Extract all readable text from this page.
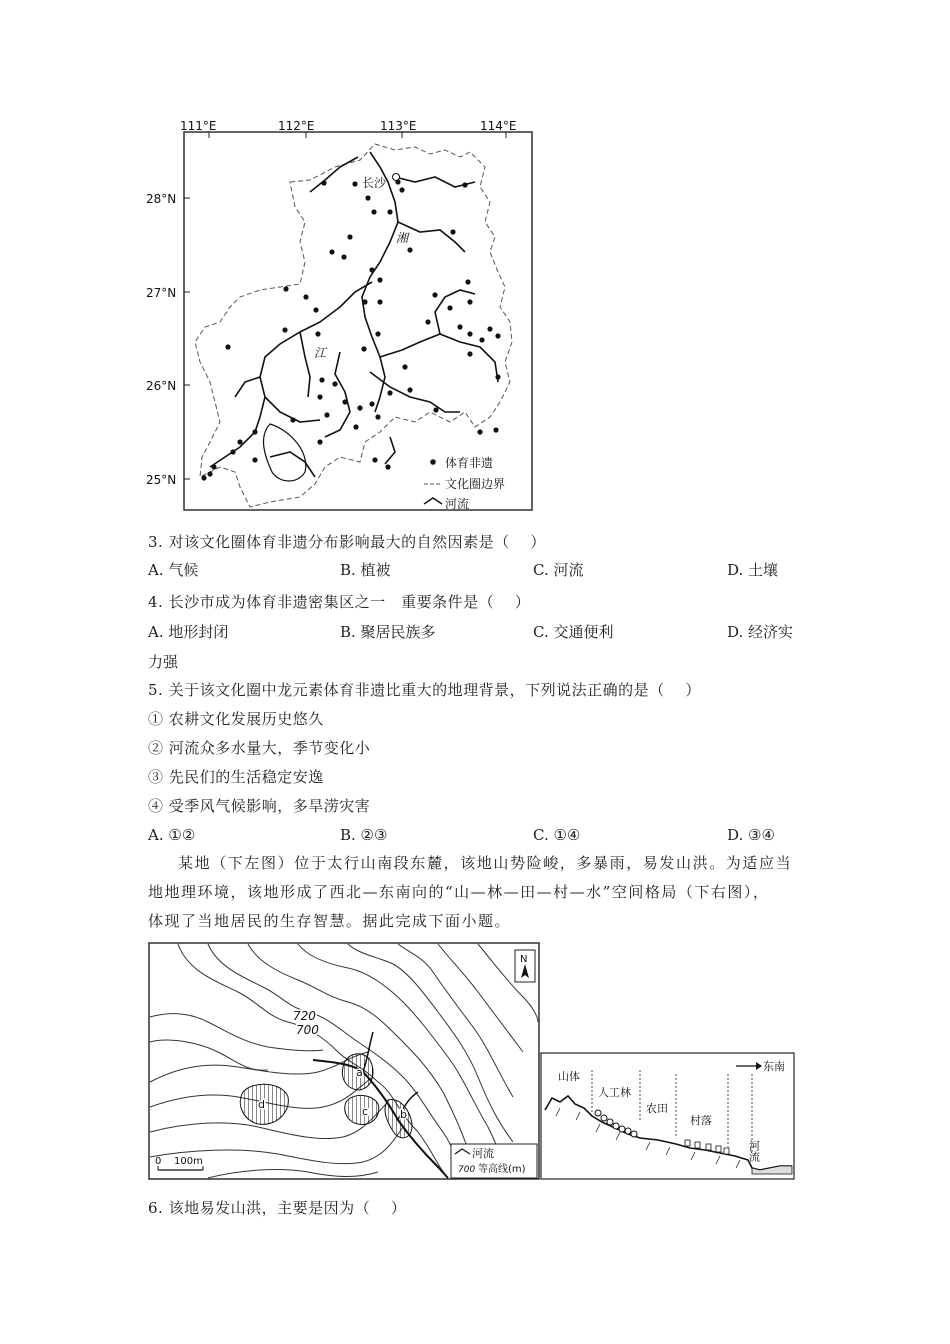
111°E	112°E	113°E	114°E
28°N
27°N
26°N
25°N
长沙
湘
江
体育非遗
文化圈边界
河流
3. 对该文化圈体育非遗分布影响最大的自然因素是（　 ）
A. 气候	B. 植被	C. 河流	D. 土壤
4. 长沙市成为体育非遗密集区之一　重要条件是（　 ）
A. 地形封闭	B. 聚居民族多	C. 交通便利	D. 经济实
力强
5. 关于该文化圈中龙元素体育非遗比重大的地理背景，下列说法正确的是（　 ）
① 农耕文化发展历史悠久
② 河流众多水量大，季节变化小
③ 先民们的生活稳定安逸
④ 受季风气候影响，多旱涝灾害
A. ①②	B. ②③	C. ①④	D. ③④
某地（下左图）位于太行山南段东麓，该地山势险峻，多暴雨，易发山洪。为适应当
地地理环境，该地形成了西北—东南向的“山—林—田—村—水”空间格局（下右图），
体现了当地居民的生存智慧。据此完成下面小题。
a
b
c
d
720
700
N
0 100m
河流
700 等高线(m)
东南
山体
人工林
农田
村落
河流
6. 该地易发山洪，主要是因为（　 ）
